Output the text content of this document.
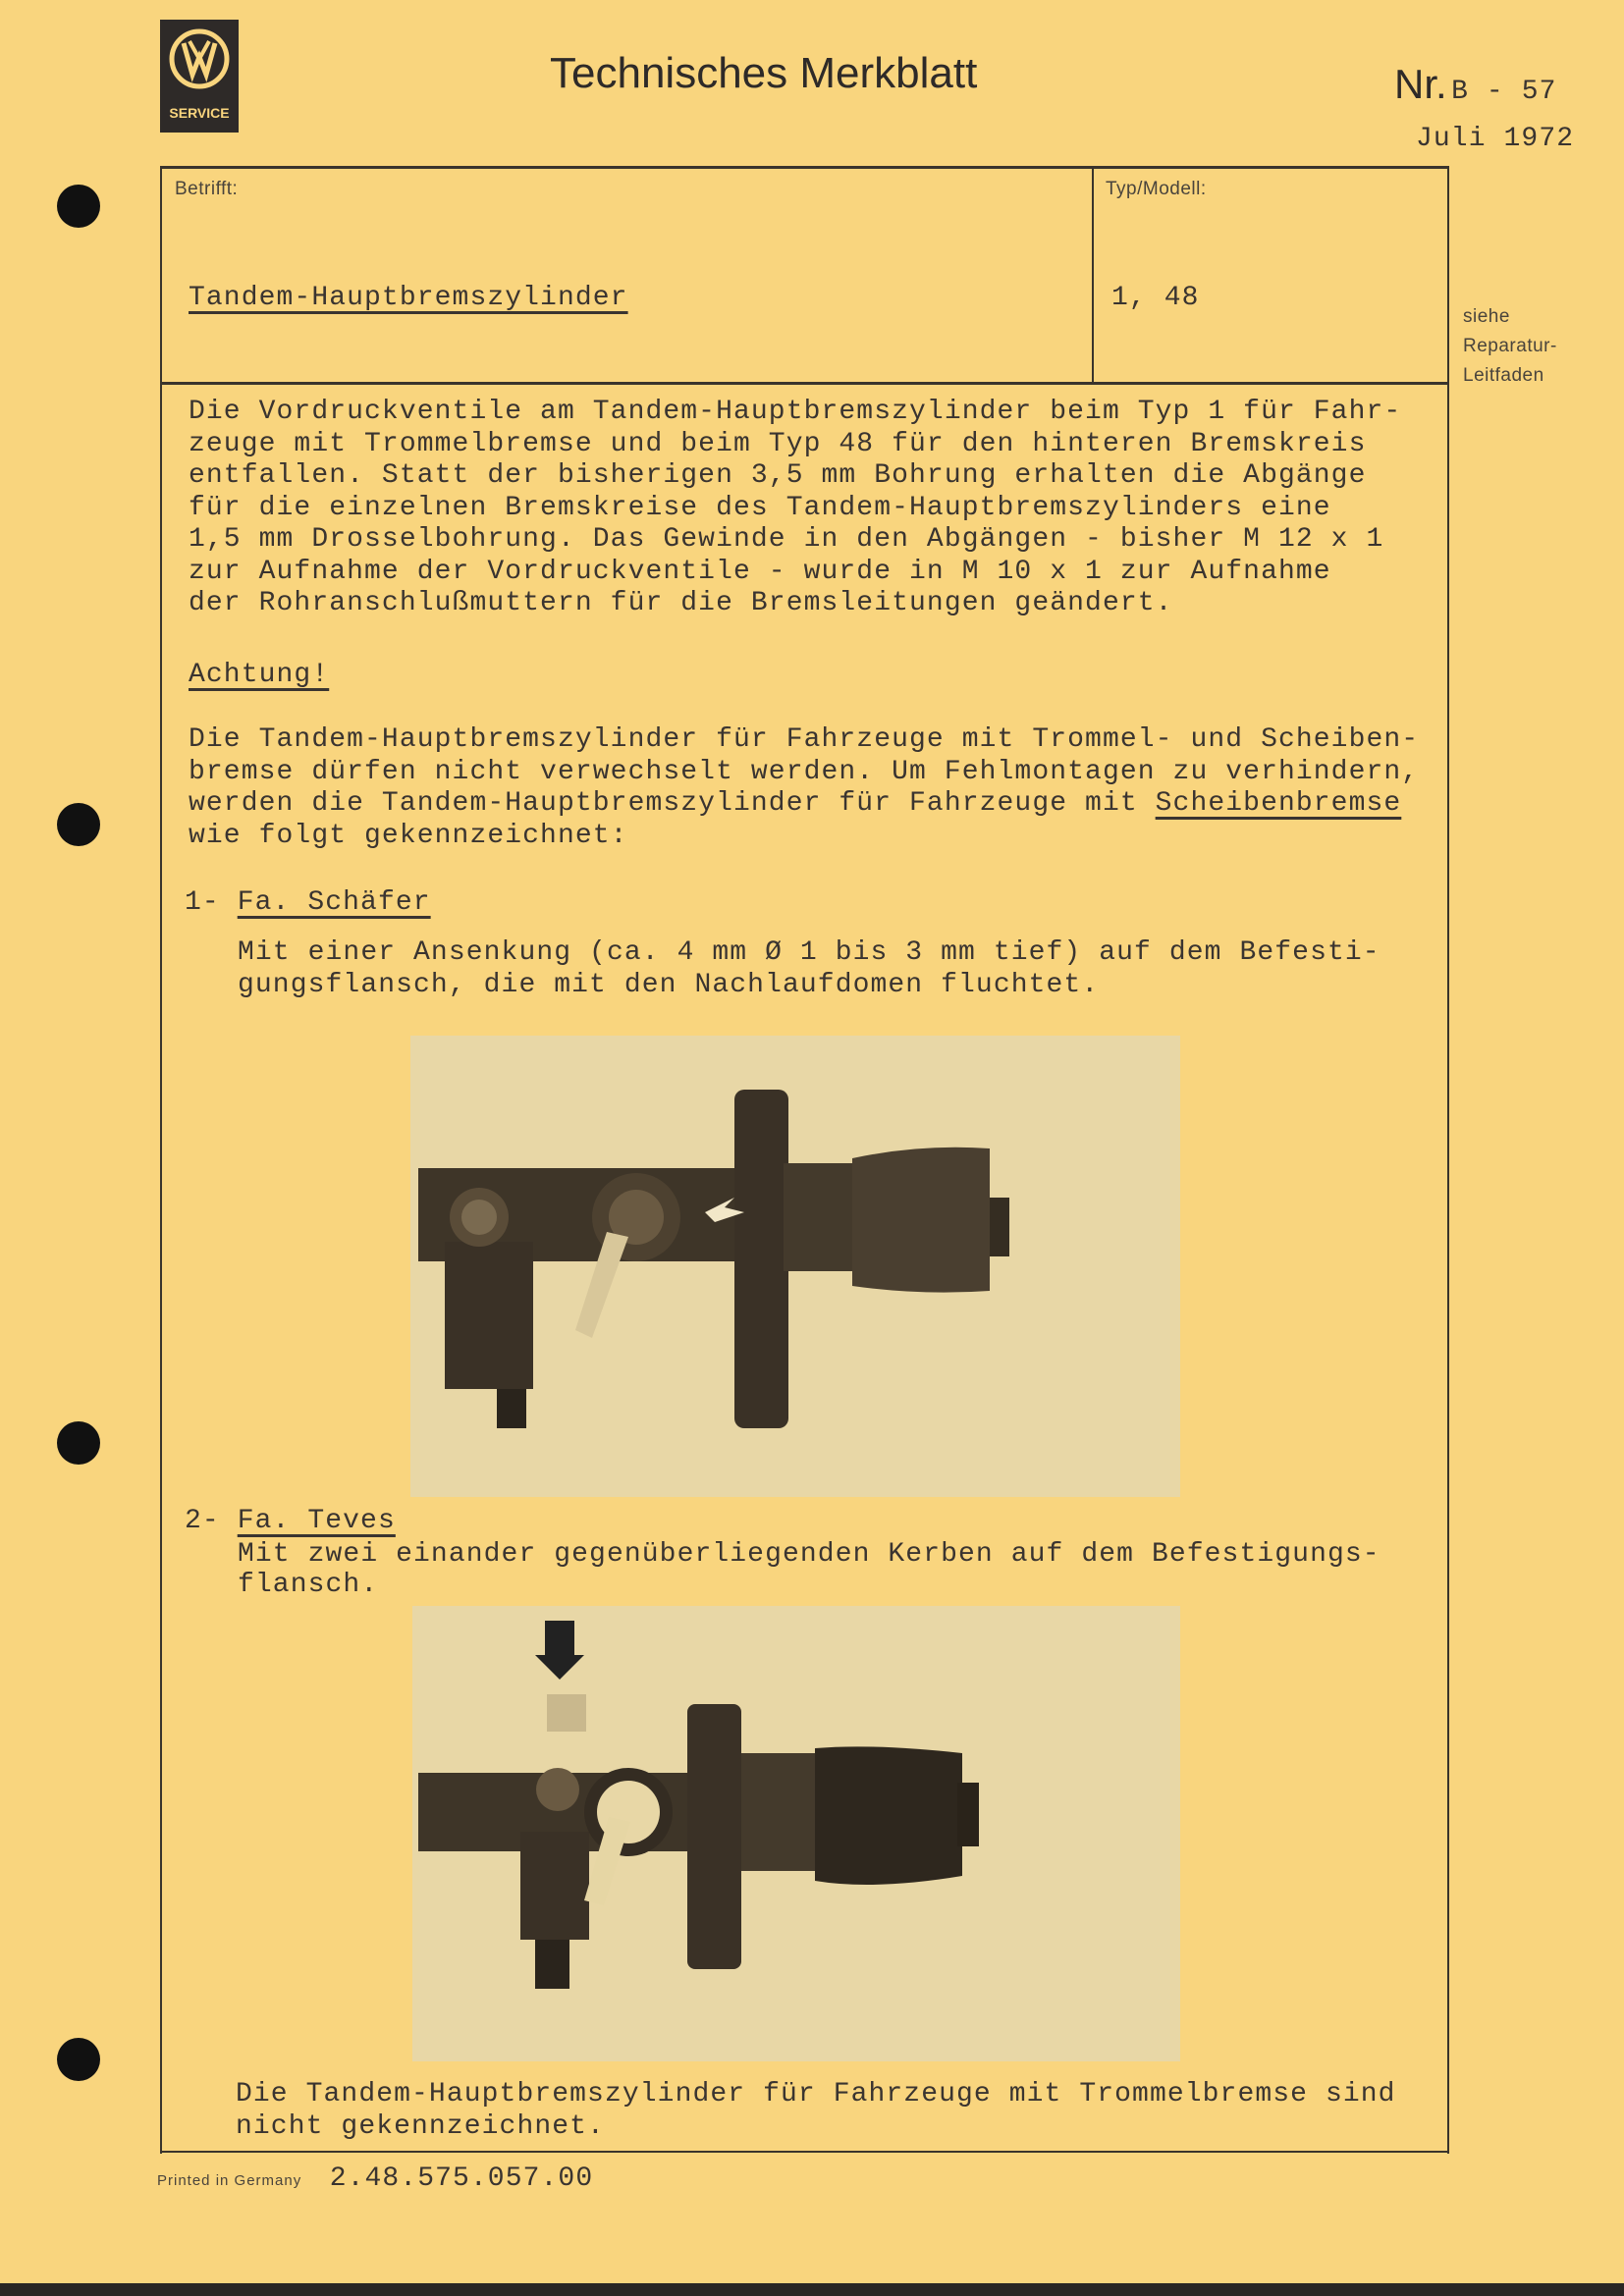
SERVICE
Technisches Merkblatt	Nr. B - 57
Juli 1972
Betrifft:	Typ/Modell:
Tandem-Hauptbremszylinder	1, 48
siehe
Reparatur-
Leitfaden
Die Vordruckventile am Tandem-Hauptbremszylinder beim Typ 1 für Fahr-
zeuge mit Trommelbremse und beim Typ 48 für den hinteren Bremskreis
entfallen. Statt der bisherigen 3,5 mm Bohrung erhalten die Abgänge
für die einzelnen Bremskreise des Tandem-Hauptbremszylinders eine
1,5 mm Drosselbohrung. Das Gewinde in den Abgängen - bisher M 12 x 1
zur Aufnahme der Vordruckventile - wurde in M 10 x 1 zur Aufnahme
der Rohranschlußmuttern für die Bremsleitungen geändert.
Achtung!
Die Tandem-Hauptbremszylinder für Fahrzeuge mit Trommel- und Scheiben-
bremse dürfen nicht verwechselt werden. Um Fehlmontagen zu verhindern,
werden die Tandem-Hauptbremszylinder für Fahrzeuge mit Scheibenbremse
wie folgt gekennzeichnet:
1- Fa. Schäfer
Mit einer Ansenkung (ca. 4 mm Ø 1 bis 3 mm tief) auf dem Befesti-
gungsflansch, die mit den Nachlaufdomen fluchtet.
2- Fa. Teves
Mit zwei einander gegenüberliegenden Kerben auf dem Befestigungs-
flansch.
Die Tandem-Hauptbremszylinder für Fahrzeuge mit Trommelbremse sind
nicht gekennzeichnet.
Printed in Germany 2.48.575.057.00
